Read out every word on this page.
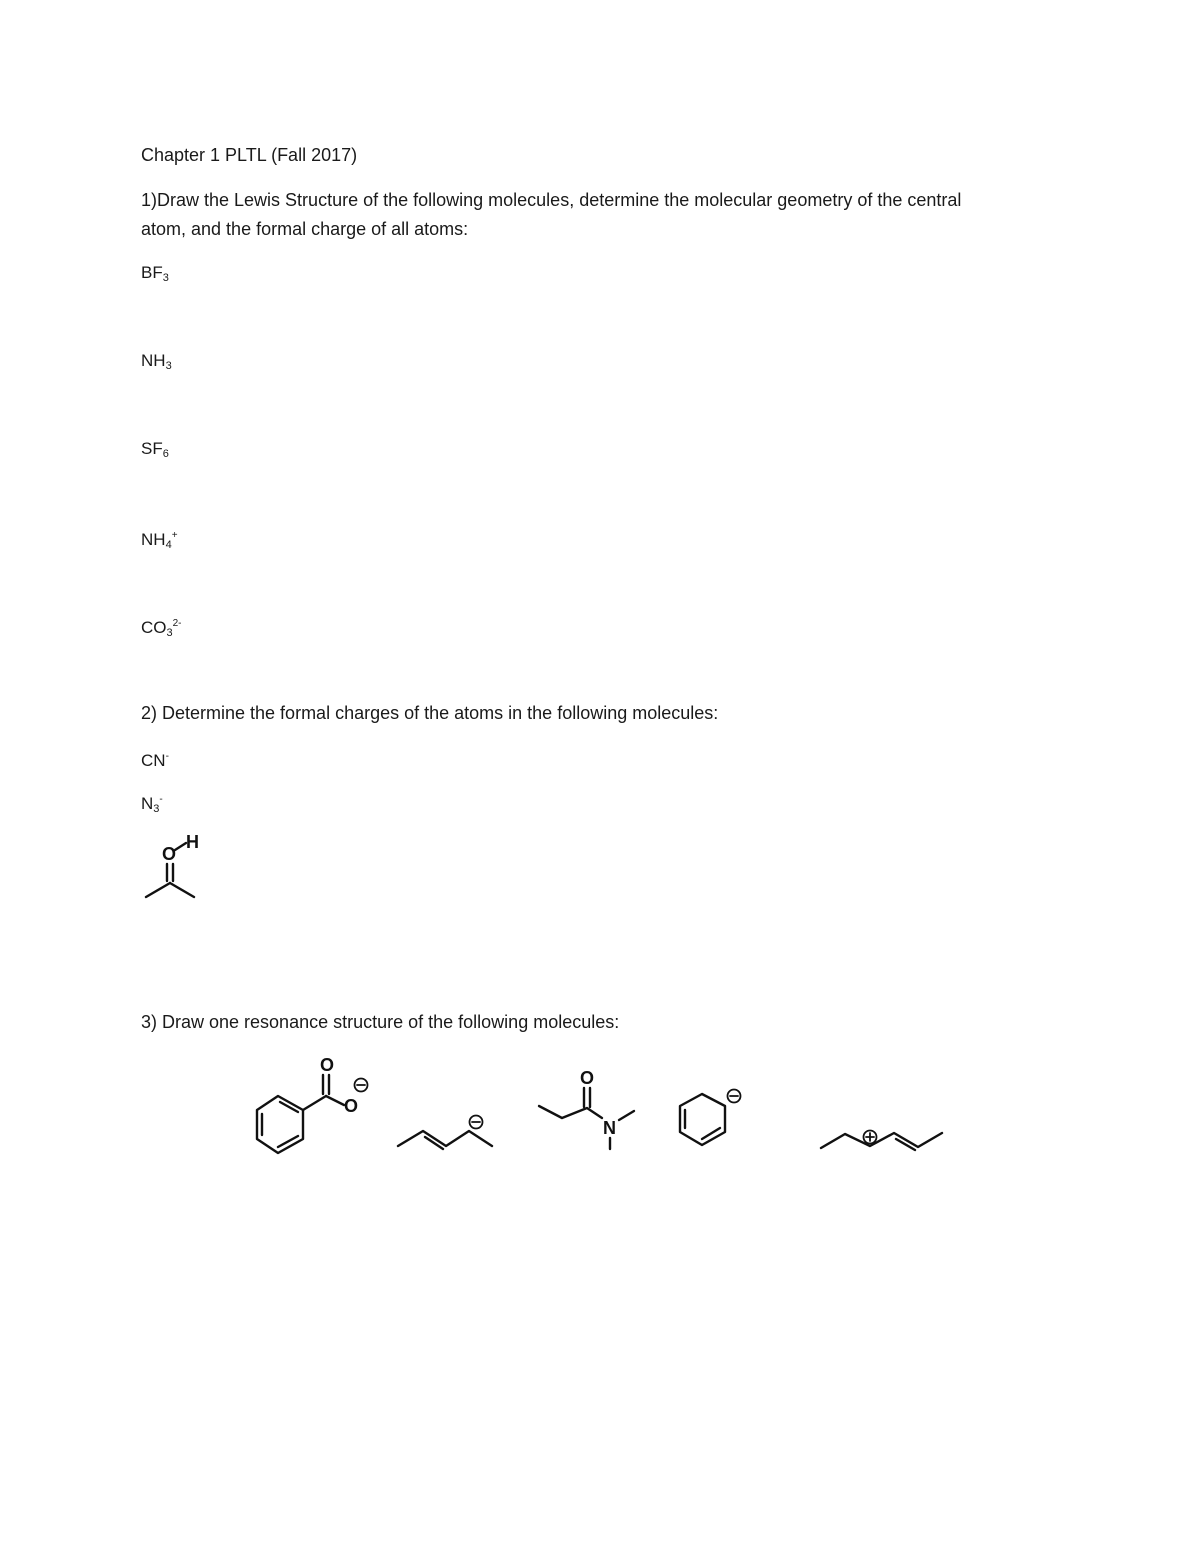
Chapter 1 PLTL (Fall 2017)
1)Draw the Lewis Structure of the following molecules, determine the molecular geometry of the central
atom, and the formal charge of all atoms:
$BF_3$
$NH_3$
$SF_6$
$NH_4^+$
$CO_3^{2-}$
2) Determine the formal charges of the atoms in the following molecules:
CN-
$N_3^-$
O
H
3) Draw one resonance structure of the following molecules:
O
O
O
N
